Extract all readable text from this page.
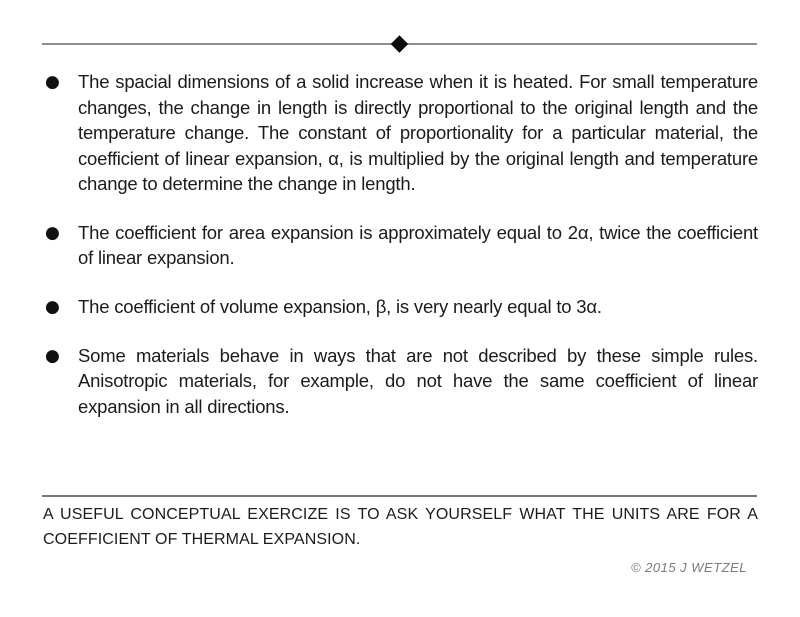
◆
● The spacial dimensions of a solid increase when it is heated. For small temperature changes, the change in length is directly proportional to the original length and the temperature change. The constant of proportionality for a particular material, the coefficient of linear expansion, α, is multiplied by the original length and temperature change to determine the change in length.

● The coefficient for area expansion is approximately equal to 2α, twice the coefficient of linear expansion.

● The coefficient of volume expansion, β, is very nearly equal to 3α.

● Some materials behave in ways that are not described by these simple rules. Anisotropic materials, for example, do not have the same coefficient of linear expansion in all directions.

A USEFUL CONCEPTUAL EXERCIZE IS TO ASK YOURSELF WHAT THE UNITS ARE FOR A COEFFICIENT OF THERMAL EXPANSION.

© 2015 J WETZEL
